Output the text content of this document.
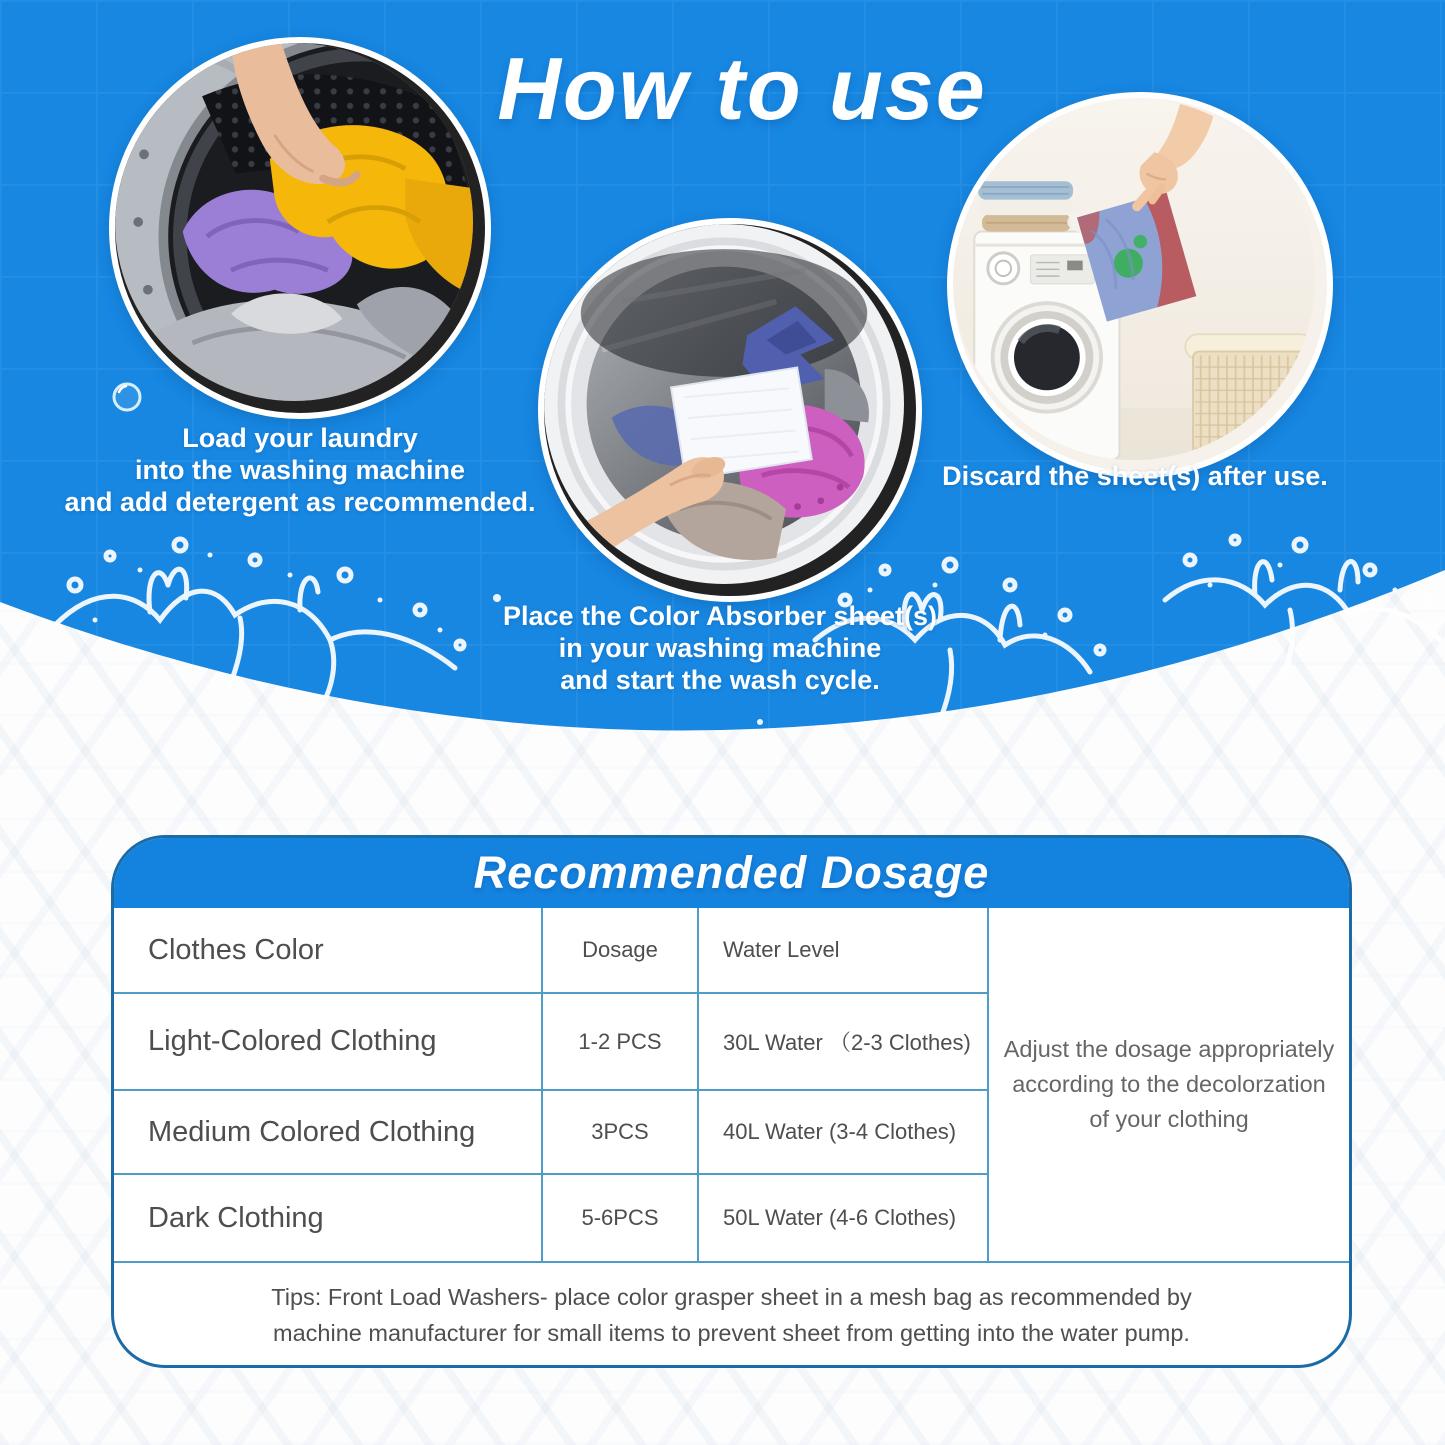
How to use
Load your laundry
into the washing machine
and add detergent as recommended.
Place the Color Absorber sheet(s)
in your washing machine
and start the wash cycle.
Discard the sheet(s) after use.
Recommended Dosage
Clothes Color	Dosage	Water Level
Adjust the dosage appropriately
according to the decolorzation
of your clothing
Light-Colored Clothing	1-2 PCS	30L Water （2-3 Clothes)
Medium Colored Clothing	3PCS	40L Water (3-4 Clothes)
Dark Clothing	5-6PCS	50L Water (4-6 Clothes)
Tips: Front Load Washers- place color grasper sheet in a mesh bag as recommended by
machine manufacturer for small items to prevent sheet from getting into the water pump.
